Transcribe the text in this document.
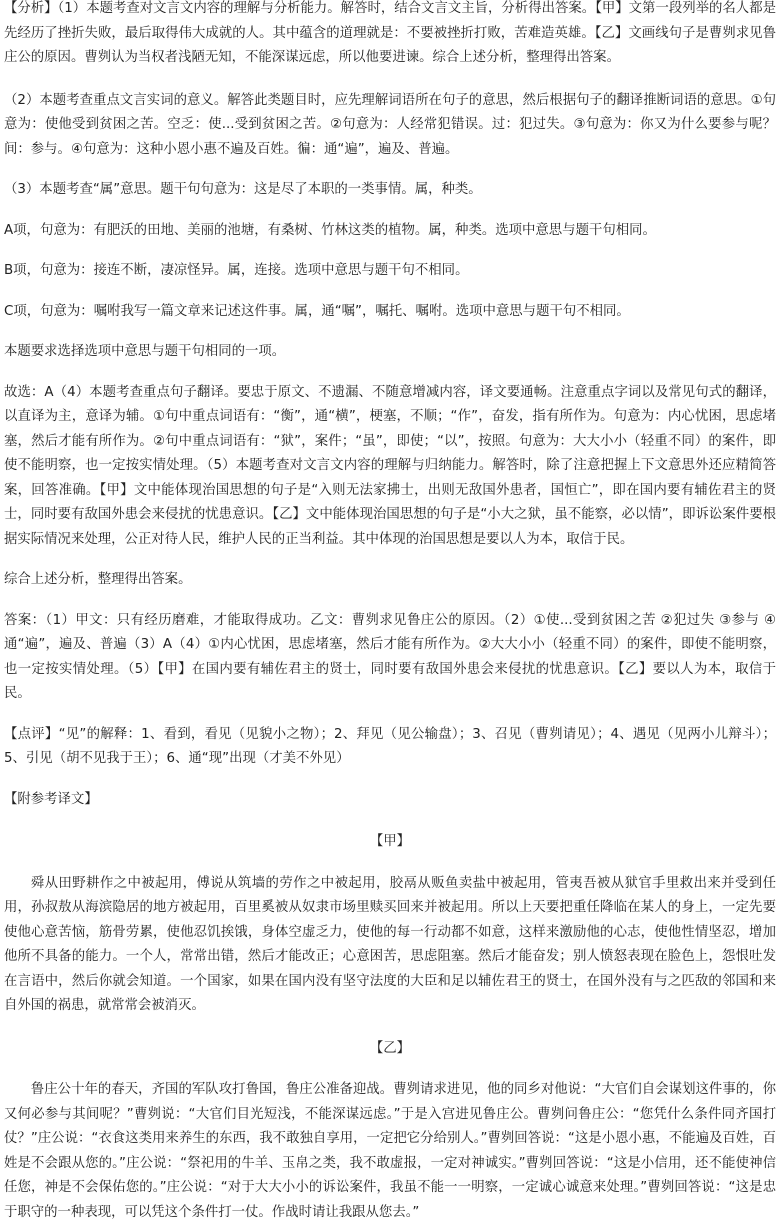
【分析】（1）本题考查对文言文内容的理解与分析能力。解答时，结合文言文主旨，分析得出答案。【甲】文第一段列举的名人都是先经历了挫折失败，最后取得伟大成就的人。其中蕴含的道理就是：不要被挫折打败，苦难造英雄。【乙】文画线句子是曹刿求见鲁庄公的原因。曹刿认为当权者浅陋无知，不能深谋远虑，所以他要进谏。综合上述分析，整理得出答案。

（2）本题考查重点文言实词的意义。解答此类题目时，应先理解词语所在句子的意思，然后根据句子的翻译推断词语的意思。①句意为：使他受到贫困之苦。空乏：使...受到贫困之苦。②句意为：人经常犯错误。过：犯过失。③句意为：你又为什么要参与呢？间：参与。④句意为：这种小恩小惠不遍及百姓。徧：通“遍”，遍及、普遍。

（3）本题考查“属”意思。题干句句意为：这是尽了本职的一类事情。属，种类。

A项，句意为：有肥沃的田地、美丽的池塘，有桑树、竹林这类的植物。属，种类。选项中意思与题干句相同。

B项，句意为：接连不断，凄凉怪异。属，连接。选项中意思与题干句不相同。

C项，句意为：嘱咐我写一篇文章来记述这件事。属，通“嘱”，嘱托、嘱咐。选项中意思与题干句不相同。

本题要求选择选项中意思与题干句相同的一项。

故选：A（4）本题考查重点句子翻译。要忠于原文、不遗漏、不随意增减内容，译文要通畅。注意重点字词以及常见句式的翻译，以直译为主，意译为辅。①句中重点词语有：“衡”，通“横”，梗塞，不顺；“作”，奋发，指有所作为。句意为：内心忧困，思虑堵塞，然后才能有所作为。②句中重点词语有：“狱”，案件；“虽”，即使；“以”，按照。句意为：大大小小（轻重不同）的案件，即使不能明察，也一定按实情处理。（5）本题考查对文言文内容的理解与归纳能力。解答时，除了注意把握上下文意思外还应精简答案，回答准确。【甲】文中能体现治国思想的句子是“入则无法家拂士，出则无敌国外患者，国恒亡”，即在国内要有辅佐君主的贤士，同时要有敌国外患会来侵扰的忧患意识。【乙】文中能体现治国思想的句子是“小大之狱，虽不能察，必以情”，即诉讼案件要根据实际情况来处理，公正对待人民，维护人民的正当利益。其中体现的治国思想是要以人为本，取信于民。

综合上述分析，整理得出答案。

答案：（1）甲文：只有经历磨难，才能取得成功。乙文：曹刿求见鲁庄公的原因。（2）①使...受到贫困之苦 ②犯过失 ③参与 ④通“遍”，遍及、普遍（3）A（4）①内心忧困，思虑堵塞，然后才能有所作为。②大大小小（轻重不同）的案件，即使不能明察，也一定按实情处理。（5）【甲】在国内要有辅佐君主的贤士，同时要有敌国外患会来侵扰的忧患意识。【乙】要以人为本，取信于民。

【点评】“见”的解释：1、看到，看见（见貌小之物）；2、拜见（见公输盘）；3、召见（曹刿请见）；4、遇见（见两小儿辩斗）；5、引见（胡不见我于王）；6、通“现”出现（才美不外见）

【附参考译文】

【甲】

舜从田野耕作之中被起用，傅说从筑墙的劳作之中被起用，胶鬲从贩鱼卖盐中被起用，管夷吾被从狱官手里救出来并受到任用，孙叔敖从海滨隐居的地方被起用，百里奚被从奴隶市场里赎买回来并被起用。所以上天要把重任降临在某人的身上，一定先要使他心意苦恼，筋骨劳累，使他忍饥挨饿，身体空虚乏力，使他的每一行动都不如意，这样来激励他的心志，使他性情坚忍，增加他所不具备的能力。一个人，常常出错，然后才能改正；心意困苦，思虑阻塞。然后才能奋发；别人愤怒表现在脸色上，怨恨吐发在言语中，然后你就会知道。一个国家，如果在国内没有坚守法度的大臣和足以辅佐君王的贤士，在国外没有与之匹敌的邻国和来自外国的祸患，就常常会被消灭。

【乙】

鲁庄公十年的春天，齐国的军队攻打鲁国，鲁庄公准备迎战。曹刿请求进见，他的同乡对他说：“大官们自会谋划这件事的，你又何必参与其间呢？”曹刿说：“大官们目光短浅，不能深谋远虑。”于是入宫进见鲁庄公。曹刿问鲁庄公：“您凭什么条件同齐国打仗？”庄公说：“衣食这类用来养生的东西，我不敢独自享用，一定把它分给别人。”曹刿回答说：“这是小恩小惠，不能遍及百姓，百姓是不会跟从您的。”庄公说：“祭祀用的牛羊、玉帛之类，我不敢虚报，一定对神诚实。”曹刿回答说：“这是小信用，还不能使神信任您，神是不会保佑您的。”庄公说：“对于大大小小的诉讼案件，我虽不能一一明察，一定诚心诚意来处理。”曹刿回答说：“这是忠于职守的一种表现，可以凭这个条件打一仗。作战时请让我跟从您去。”
